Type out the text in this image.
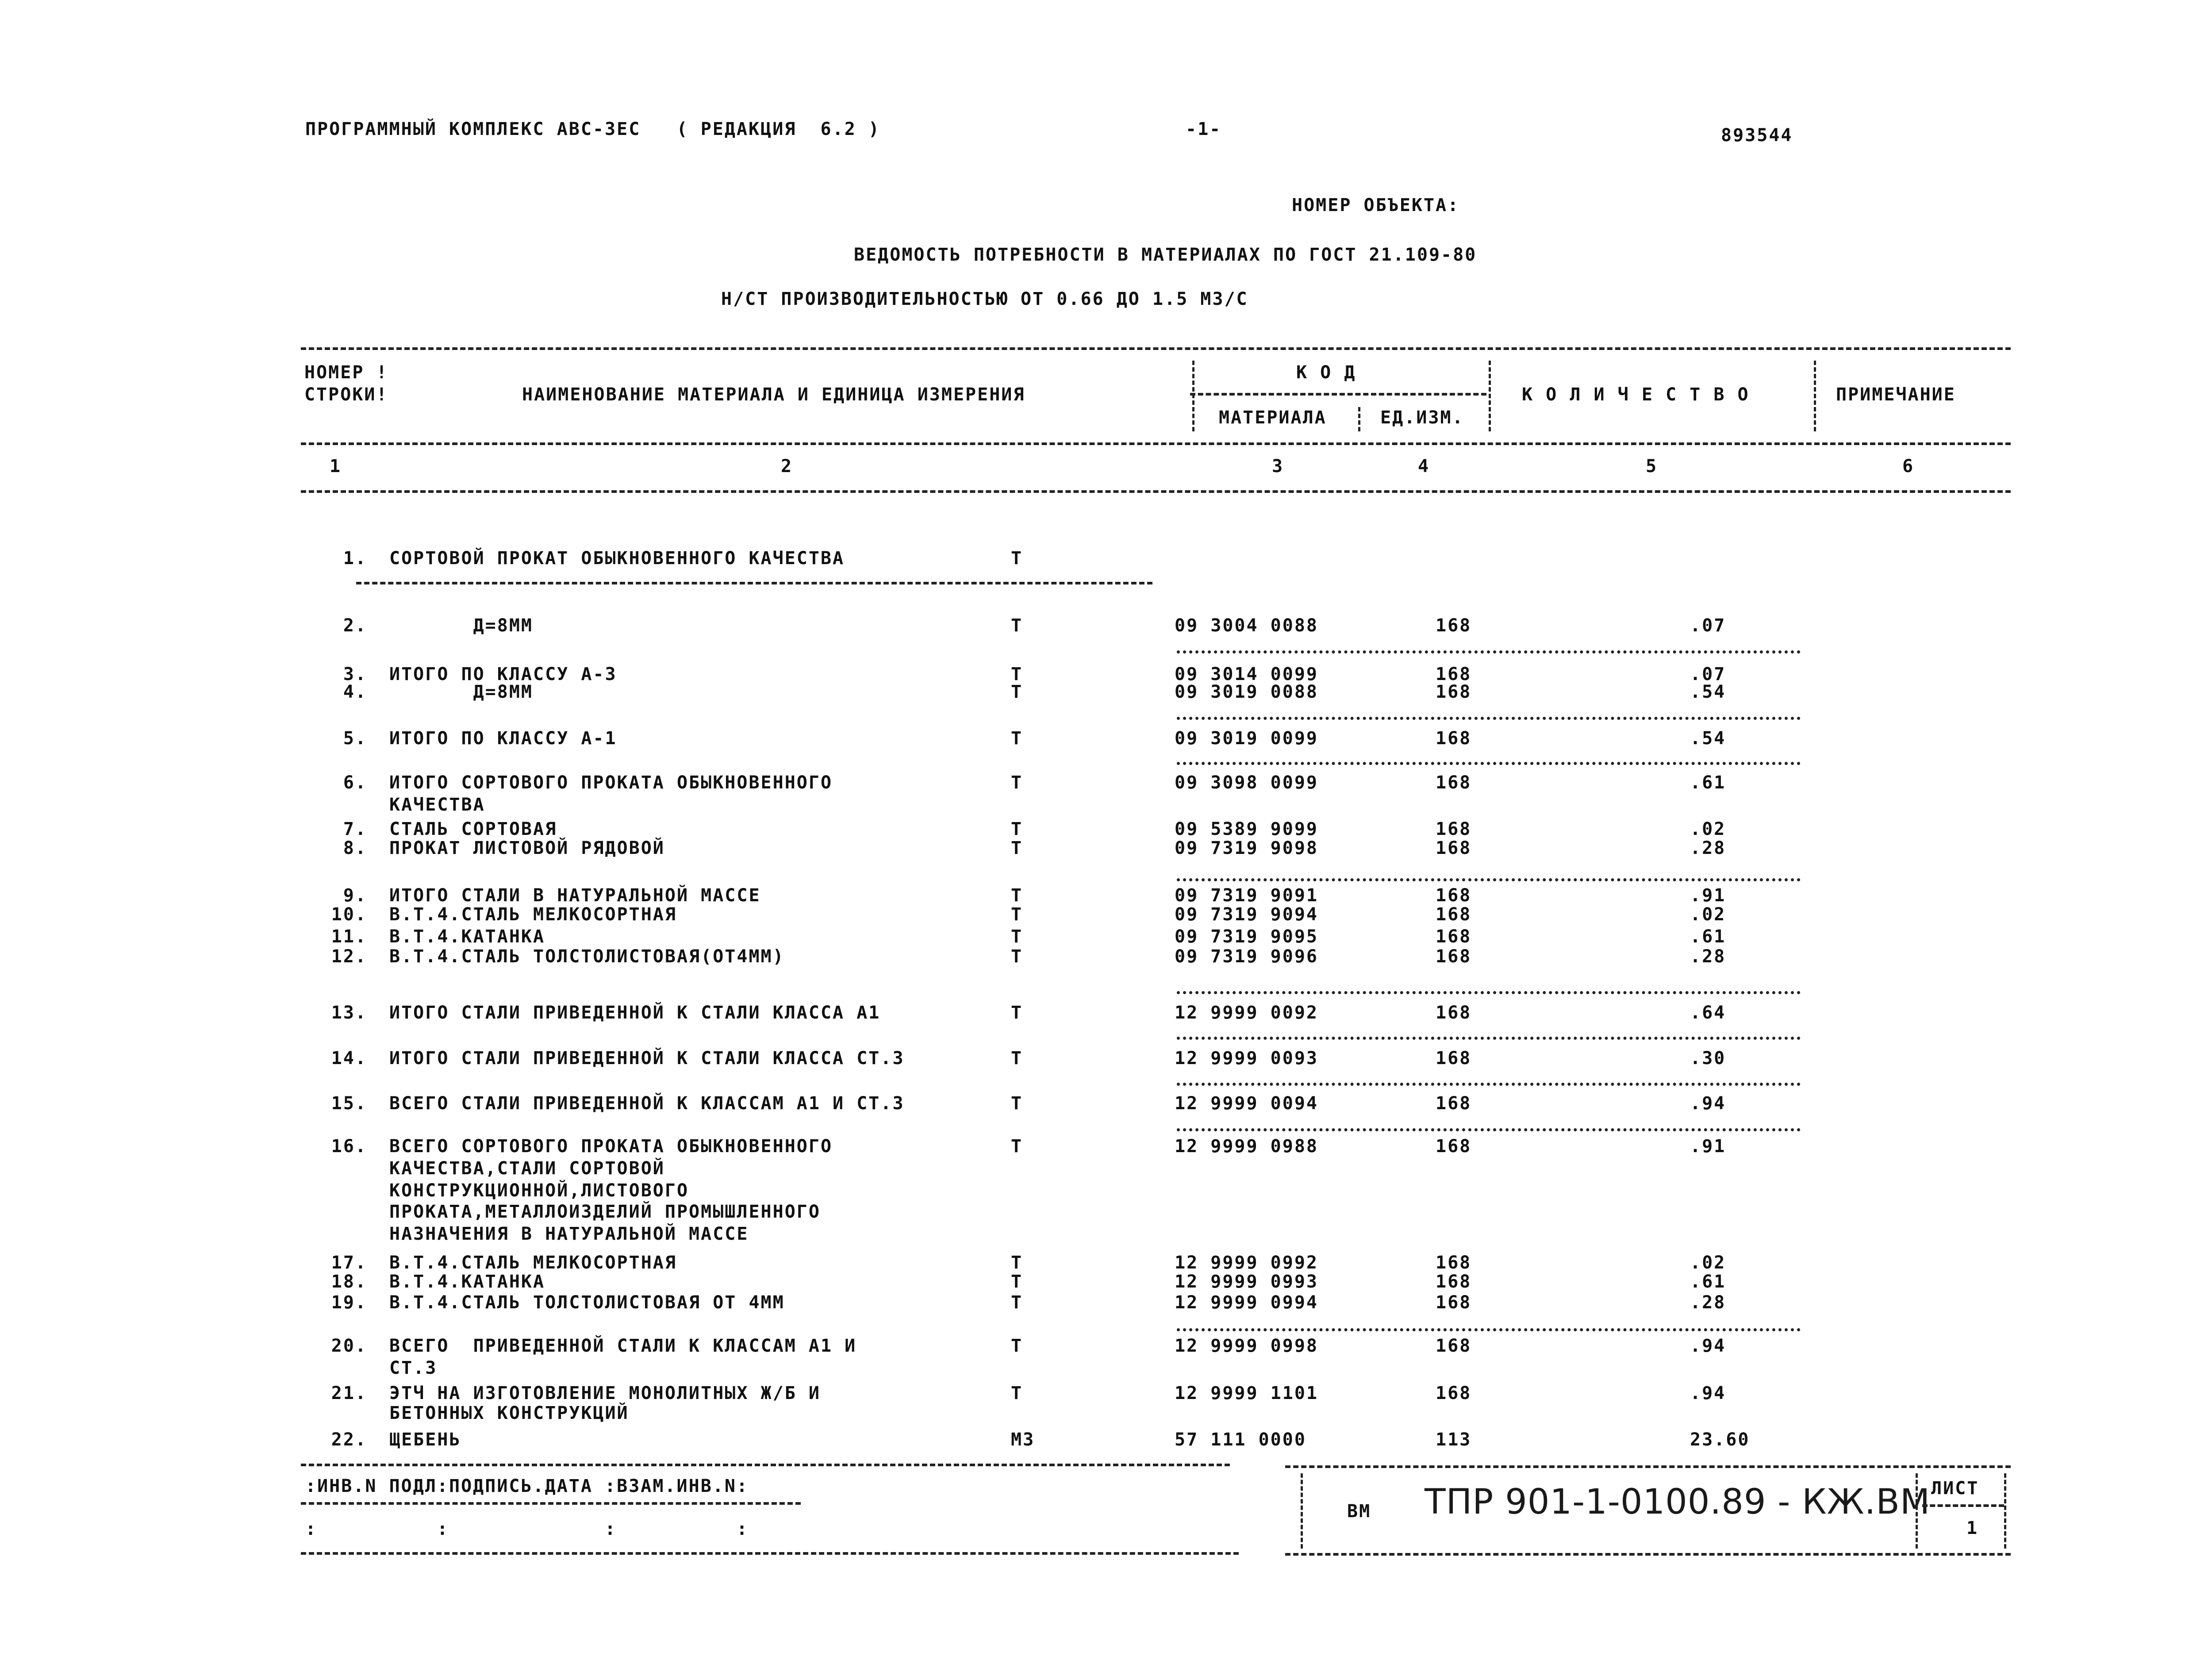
ПРОГРАММНЫЙ КОМПЛЕКС АВС-3ЕС   ( РЕДАКЦИЯ  6.2 )	-1-	893544
НОМЕР ОБЪЕКТА:
ВЕДОМОСТЬ ПОТРЕБНОСТИ В МАТЕРИАЛАХ ПО ГОСТ 21.109-80
Н/СТ ПРОИЗВОДИТЕЛЬНОСТЬЮ ОТ 0.66 ДО 1.5 М3/С
НОМЕР !
СТРОКИ!	НАИМЕНОВАНИЕ МАТЕРИАЛА И ЕДИНИЦА ИЗМЕРЕНИЯ
К О Д
МАТЕРИАЛА	ЕД.ИЗМ.
К О Л И Ч Е С Т В О	ПРИМЕЧАНИЕ
1	2	3	4	5	6
1. СОРТОВОЙ ПРОКАТ ОБЫКНОВЕННОГО КАЧЕСТВА	Т
2. Д=8ММ	Т	09 3004 0088	168	.07
3. ИТОГО ПО КЛАССУ А-3	Т	09 3014 0099	168	.07
4. Д=8ММ	Т	09 3019 0088	168	.54
5. ИТОГО ПО КЛАССУ А-1	Т	09 3019 0099	168	.54
6. ИТОГО СОРТОВОГО ПРОКАТА ОБЫКНОВЕННОГО	Т	09 3098 0099	168	.61
КАЧЕСТВА
7. СТАЛЬ СОРТОВАЯ	Т	09 5389 9099	168	.02
8. ПРОКАТ ЛИСТОВОЙ РЯДОВОЙ	Т	09 7319 9098	168	.28
9. ИТОГО СТАЛИ В НАТУРАЛЬНОЙ МАССЕ	Т	09 7319 9091	168	.91
10. В.Т.4.СТАЛЬ МЕЛКОСОРТНАЯ	Т	09 7319 9094	168	.02
11. В.Т.4.КАТАНКА	Т	09 7319 9095	168	.61
12. В.Т.4.СТАЛЬ ТОЛСТОЛИСТОВАЯ(ОТ4ММ)	Т	09 7319 9096	168	.28
13. ИТОГО СТАЛИ ПРИВЕДЕННОЙ К СТАЛИ КЛАССА А1	Т	12 9999 0092	168	.64
14. ИТОГО СТАЛИ ПРИВЕДЕННОЙ К СТАЛИ КЛАССА СТ.3	Т	12 9999 0093	168	.30
15. ВСЕГО СТАЛИ ПРИВЕДЕННОЙ К КЛАССАМ А1 И СТ.3	Т	12 9999 0094	168	.94
16. ВСЕГО СОРТОВОГО ПРОКАТА ОБЫКНОВЕННОГО	Т	12 9999 0988	168	.91
КАЧЕСТВА,СТАЛИ СОРТОВОЙ
КОНСТРУКЦИОННОЙ,ЛИСТОВОГО
ПРОКАТА,МЕТАЛЛОИЗДЕЛИЙ ПРОМЫШЛЕННОГО
НАЗНАЧЕНИЯ В НАТУРАЛЬНОЙ МАССЕ
17. В.Т.4.СТАЛЬ МЕЛКОСОРТНАЯ	Т	12 9999 0992	168	.02
18. В.Т.4.КАТАНКА	Т	12 9999 0993	168	.61
19. В.Т.4.СТАЛЬ ТОЛСТОЛИСТОВАЯ ОТ 4ММ	Т	12 9999 0994	168	.28
20. ВСЕГО  ПРИВЕДЕННОЙ СТАЛИ К КЛАССАМ А1 И	Т	12 9999 0998	168	.94
СТ.3
21. ЭТЧ НА ИЗГОТОВЛЕНИЕ МОНОЛИТНЫХ Ж/Б И	Т	12 9999 1101	168	.94
БЕТОННЫХ КОНСТРУКЦИЙ
22. ЩЕБЕНЬ	М3	57 111 0000	113	23.60
:ИНВ.N ПОДЛ:ПОДПИСЬ.ДАТА :ВЗАМ.ИНВ.N:
:          :             :          :
ВМ ТПР 901-1-0100.89 - КЖ.ВМ ЛИСТ
1
